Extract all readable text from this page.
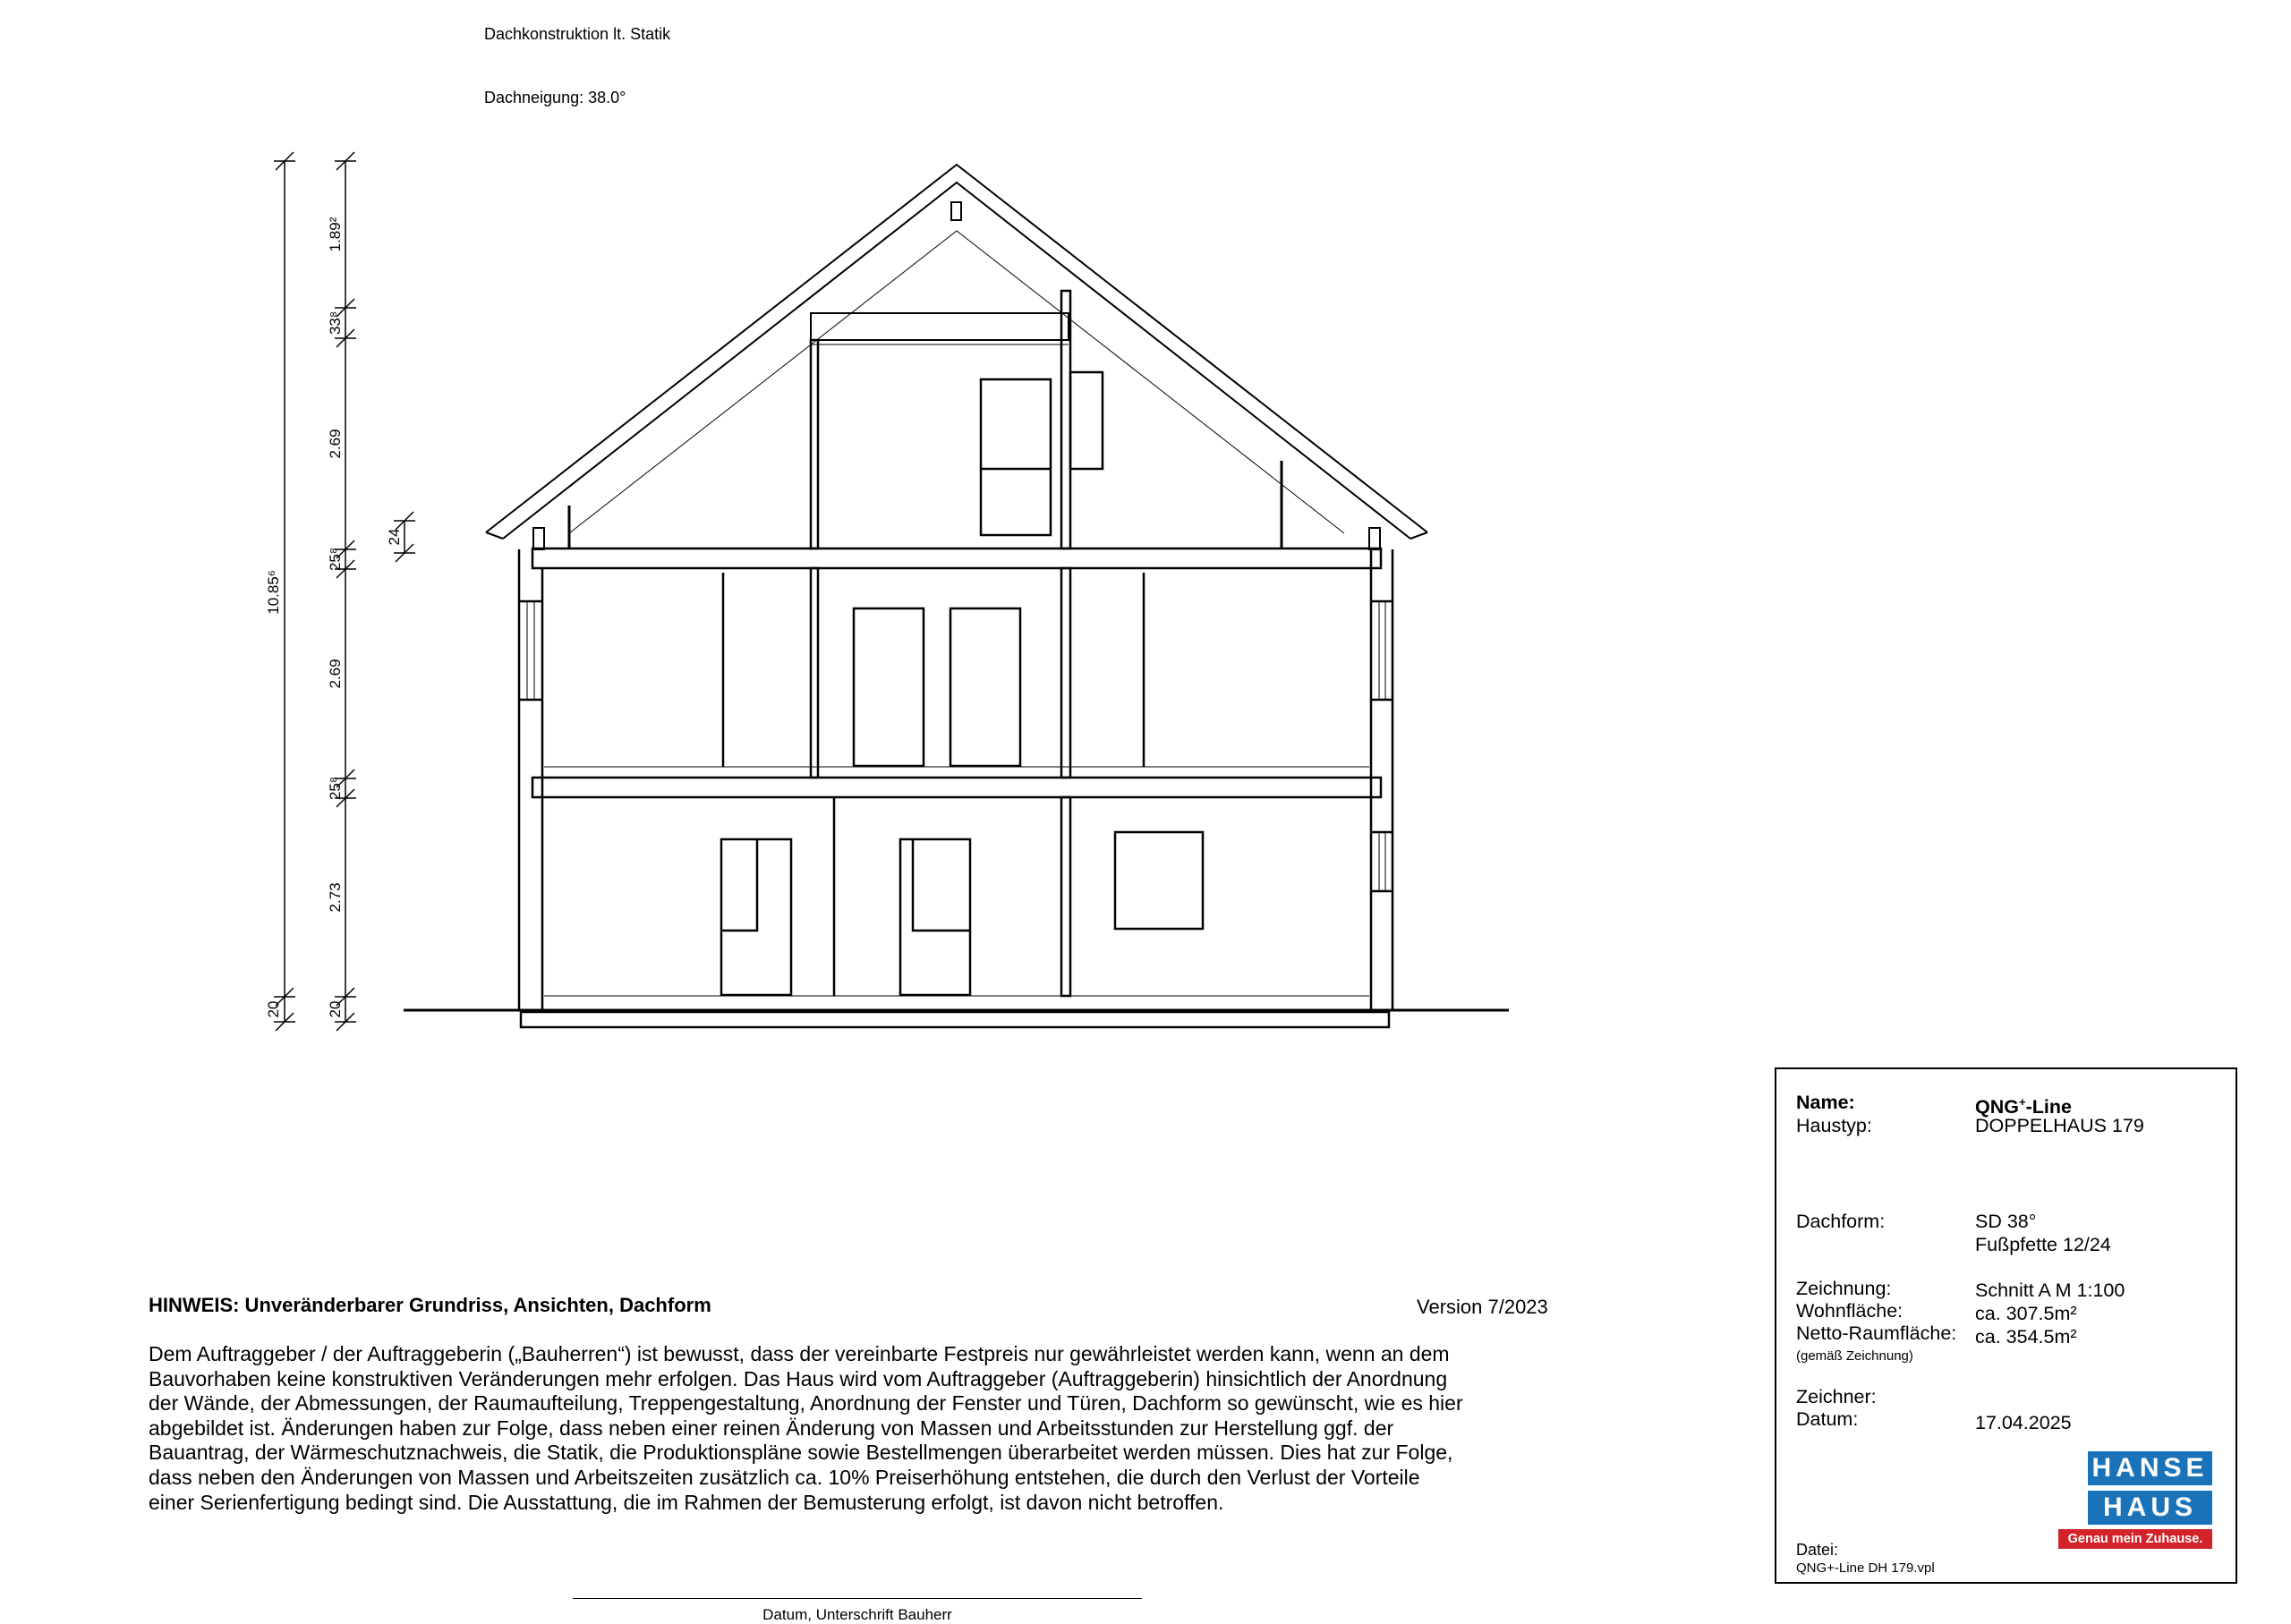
Dachkonstruktion lt. Statik
Dachneigung: 38.0°
10.85⁶
20
1.89²
33⁸
2.69
25⁸
2.69
25⁸
2.73
20
24
HINWEIS: Unveränderbarer Grundriss, Ansichten, Dachform	Version 7/2023
Dem Auftraggeber / der Auftraggeberin („Bauherren“) ist bewusst, dass der vereinbarte Festpreis nur gewährleistet werden kann, wenn an dem
Bauvorhaben keine konstruktiven Veränderungen mehr erfolgen. Das Haus wird vom Auftraggeber (Auftraggeberin) hinsichtlich der Anordnung
der Wände, der Abmessungen, der Raumaufteilung, Treppengestaltung, Anordnung der Fenster und Türen, Dachform so gewünscht, wie es hier
abgebildet ist. Änderungen haben zur Folge, dass neben einer reinen Änderung von Massen und Arbeitsstunden zur Herstellung ggf. der
Bauantrag, der Wärmeschutznachweis, die Statik, die Produktionspläne sowie Bestellmengen überarbeitet werden müssen. Dies hat zur Folge,
dass neben den Änderungen von Massen und Arbeitszeiten zusätzlich ca. 10% Preiserhöhung entstehen, die durch den Verlust der Vorteile
einer Serienfertigung bedingt sind. Die Ausstattung, die im Rahmen der Bemusterung erfolgt, ist davon nicht betroffen.
Name:	QNG+-Line
Haustyp:	DOPPELHAUS 179
Dachform:	SD 38°
Fußpfette 12/24
Zeichnung:	Schnitt A M 1:100
Wohnfläche:	ca. 307.5m²
Netto-Raumfläche: ca. 354.5m²
(gemäß Zeichnung)
Zeichner:
Datum:	17.04.2025
HANSE
HAUS
Genau mein Zuhause.
Datei:
QNG+-Line DH 179.vpl
Datum, Unterschrift Bauherr
